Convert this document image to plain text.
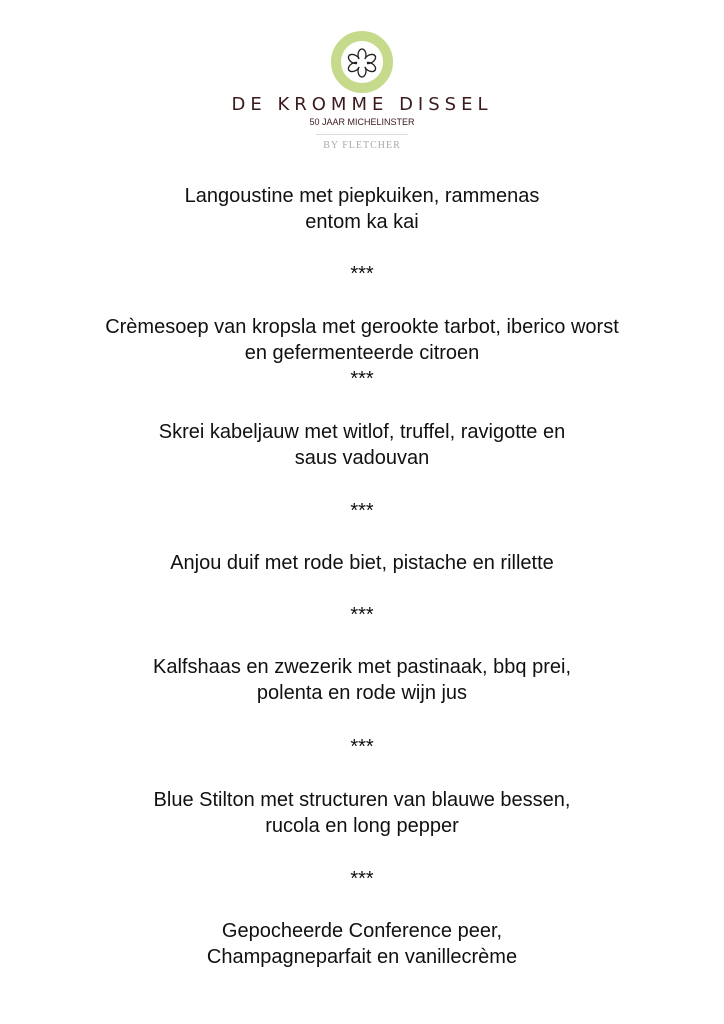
DE KROMME DISSEL
50 JAAR MICHELINSTER
BY FLETCHER
Langoustine met piepkuiken, rammenas
entom ka kai
***
Crèmesoep van kropsla met gerookte tarbot, iberico worst
en gefermenteerde citroen
***
Skrei kabeljauw met witlof, truffel, ravigotte en
saus vadouvan
***
Anjou duif met rode biet, pistache en rillette
***
Kalfshaas en zwezerik met pastinaak, bbq prei,
polenta en rode wijn jus
***
Blue Stilton met structuren van blauwe bessen,
rucola en long pepper
***
Gepocheerde Conference peer,
Champagneparfait en vanillecrème
